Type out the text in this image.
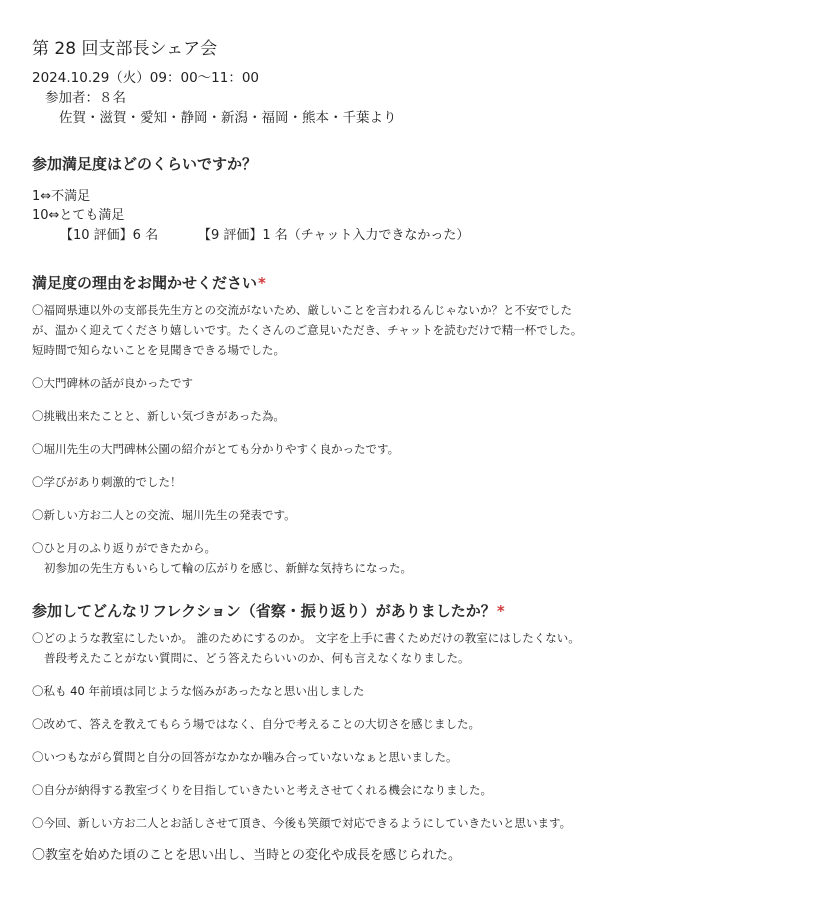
第 28 回支部長シェア会
2024.10.29（火）09：00～11：00
参加者：８名
佐賀・滋賀・愛知・静岡・新潟・福岡・熊本・千葉より
参加満足度はどのくらいですか？
1⇔不満足
10⇔とても満足
【10 評価】6 名	【9 評価】1 名（チャット入力できなかった）
満足度の理由をお聞かせください*
〇福岡県連以外の支部長先生方との交流がないため、厳しいことを言われるんじゃないか？と不安でした
が、温かく迎えてくださり嬉しいです。たくさんのご意見いただき、チャットを読むだけで精一杯でした。
短時間で知らないことを見聞きできる場でした。
〇大門碑林の話が良かったです
〇挑戦出来たことと、新しい気づきがあった為。
〇堀川先生の大門碑林公園の紹介がとても分かりやすく良かったです。
〇学びがあり刺激的でした！
〇新しい方お二人との交流、堀川先生の発表です。
〇ひと月のふり返りができたから。
初参加の先生方もいらして輪の広がりを感じ、新鮮な気持ちになった。
参加してどんなリフレクション（省察・振り返り）がありましたか？*
〇どのような教室にしたいか。 誰のためにするのか。 文字を上手に書くためだけの教室にはしたくない。
普段考えたことがない質問に、どう答えたらいいのか、何も言えなくなりました。
〇私も 40 年前頃は同じような悩みがあったなと思い出しました
〇改めて、答えを教えてもらう場ではなく、自分で考えることの大切さを感じました。
〇いつもながら質問と自分の回答がなかなか噛み合っていないなぁと思いました。
〇自分が納得する教室づくりを目指していきたいと考えさせてくれる機会になりました。
〇今回、新しい方お二人とお話しさせて頂き、今後も笑顔で対応できるようにしていきたいと思います。
〇教室を始めた頃のことを思い出し、当時との変化や成長を感じられた。
